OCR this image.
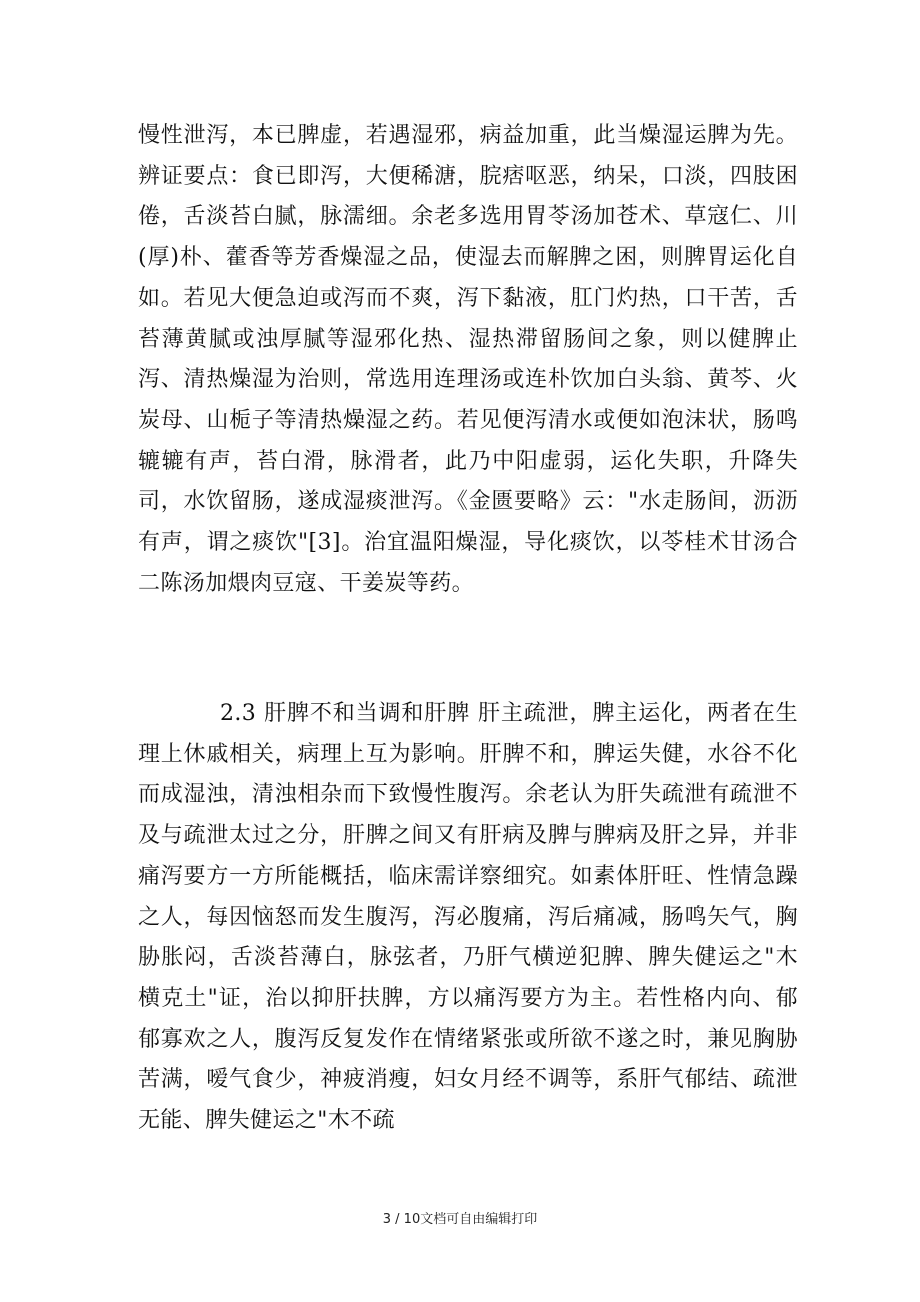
慢性泄泻，本已脾虚，若遇湿邪，病益加重，此当燥湿运脾为先。辨证要点：食已即泻，大便稀溏，脘痞呕恶，纳呆，口淡，四肢困倦，舌淡苔白腻，脉濡细。余老多选用胃苓汤加苍术、草寇仁、川(厚)朴、藿香等芳香燥湿之品，使湿去而解脾之困，则脾胃运化自如。若见大便急迫或泻而不爽，泻下黏液，肛门灼热，口干苦，舌苔薄黄腻或浊厚腻等湿邪化热、湿热滞留肠间之象，则以健脾止泻、清热燥湿为治则，常选用连理汤或连朴饮加白头翁、黄芩、火炭母、山栀子等清热燥湿之药。若见便泻清水或便如泡沫状，肠鸣辘辘有声，苔白滑，脉滑者，此乃中阳虚弱，运化失职，升降失司，水饮留肠，遂成湿痰泄泻。《金匮要略》云："水走肠间，沥沥有声，谓之痰饮"[3]。治宜温阳燥湿，导化痰饮，以苓桂术甘汤合二陈汤加煨肉豆寇、干姜炭等药。

2.3 肝脾不和当调和肝脾 肝主疏泄，脾主运化，两者在生理上休戚相关，病理上互为影响。肝脾不和，脾运失健，水谷不化而成湿浊，清浊相杂而下致慢性腹泻。余老认为肝失疏泄有疏泄不及与疏泄太过之分，肝脾之间又有肝病及脾与脾病及肝之异，并非痛泻要方一方所能概括，临床需详察细究。如素体肝旺、性情急躁之人，每因恼怒而发生腹泻，泻必腹痛，泻后痛减，肠鸣矢气，胸胁胀闷，舌淡苔薄白，脉弦者，乃肝气横逆犯脾、脾失健运之"木横克土"证，治以抑肝扶脾，方以痛泻要方为主。若性格内向、郁郁寡欢之人，腹泻反复发作在情绪紧张或所欲不遂之时，兼见胸胁苦满，嗳气食少，神疲消瘦，妇女月经不调等，系肝气郁结、疏泄无能、脾失健运之"木不疏

3 / 10文档可自由编辑打印
